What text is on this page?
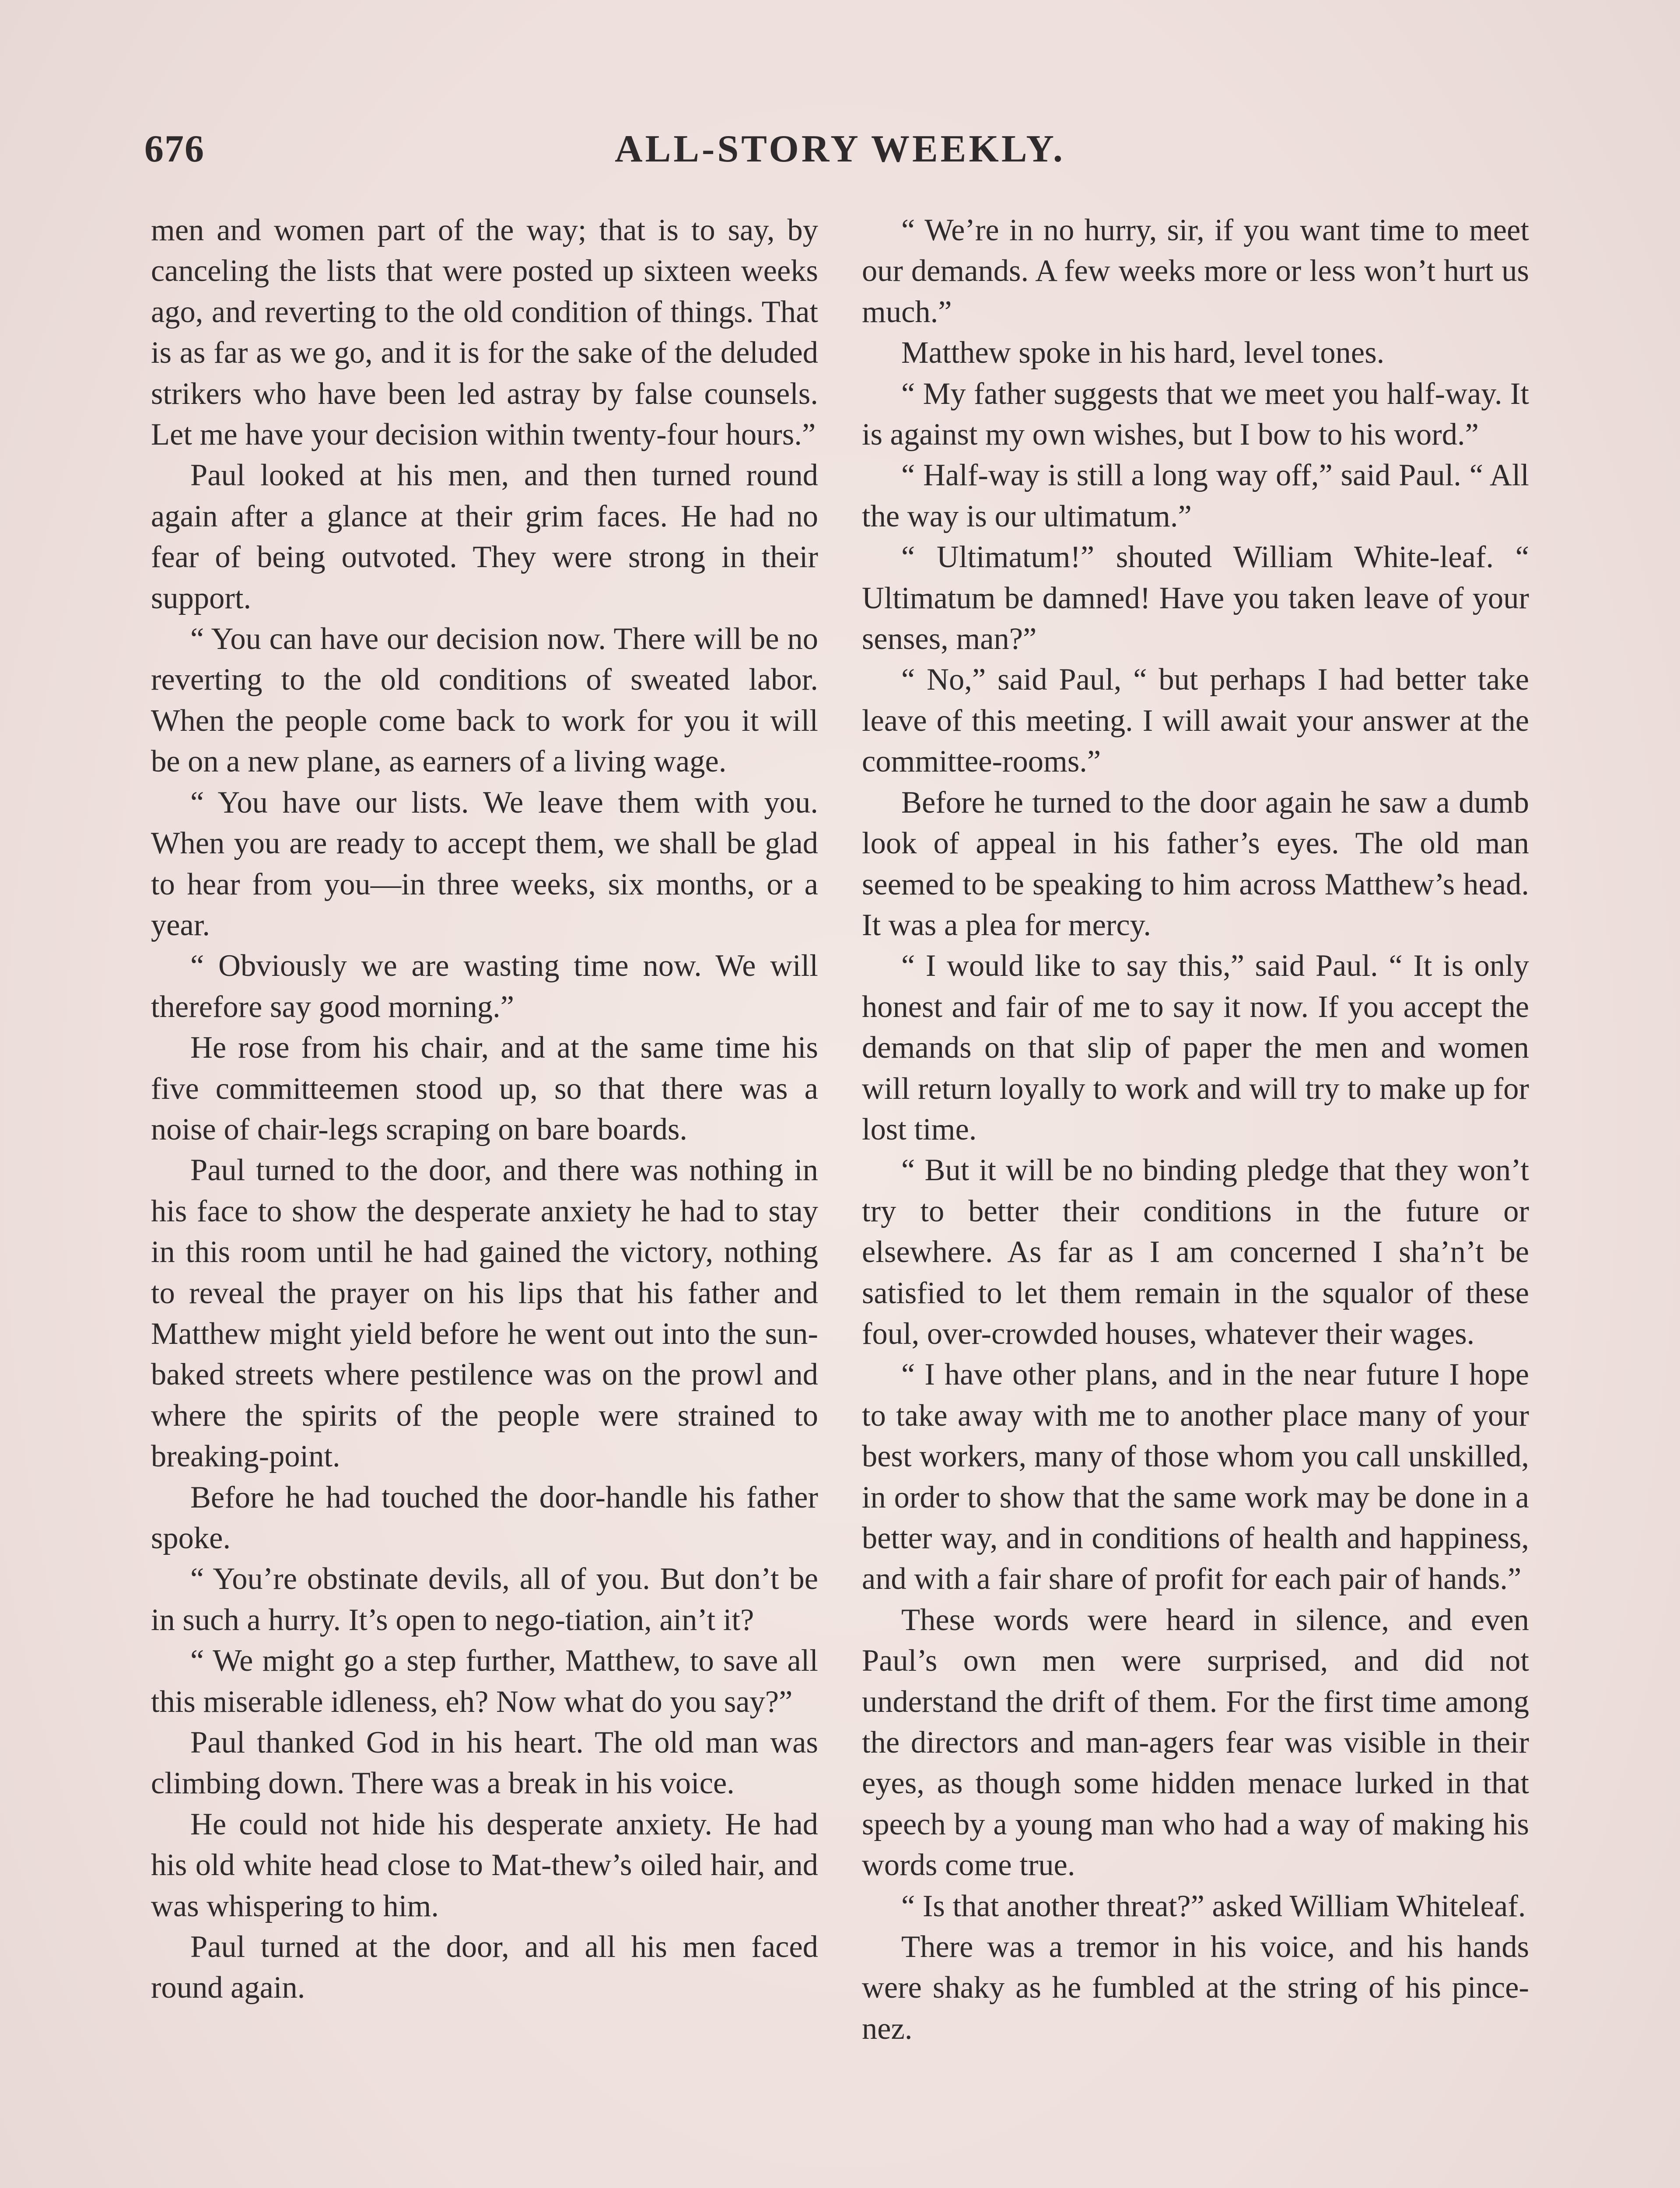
676	ALL-STORY WEEKLY.

men and women part of the way; that is to say, by canceling the lists that were posted up sixteen weeks ago, and reverting to the old condition of things. That is as far as we go, and it is for the sake of the deluded strikers who have been led astray by false counsels. Let me have your decision within twenty-four hours.”

Paul looked at his men, and then turned round again after a glance at their grim faces. He had no fear of being outvoted. They were strong in their support.

“ You can have our decision now. There will be no reverting to the old conditions of sweated labor. When the people come back to work for you it will be on a new plane, as earners of a living wage.

“ You have our lists. We leave them with you. When you are ready to accept them, we shall be glad to hear from you—in three weeks, six months, or a year.

“ Obviously we are wasting time now. We will therefore say good morning.”

He rose from his chair, and at the same time his five committeemen stood up, so that there was a noise of chair-legs scraping on bare boards.

Paul turned to the door, and there was nothing in his face to show the desperate anxiety he had to stay in this room until he had gained the victory, nothing to reveal the prayer on his lips that his father and Matthew might yield before he went out into the sun-baked streets where pestilence was on the prowl and where the spirits of the people were strained to breaking-point.

Before he had touched the door-handle his father spoke.

“ You’re obstinate devils, all of you. But don’t be in such a hurry. It’s open to nego-tiation, ain’t it?

“ We might go a step further, Matthew, to save all this miserable idleness, eh? Now what do you say?”

Paul thanked God in his heart. The old man was climbing down. There was a break in his voice.

He could not hide his desperate anxiety. He had his old white head close to Mat-thew’s oiled hair, and was whispering to him.

Paul turned at the door, and all his men faced round again.

“ We’re in no hurry, sir, if you want time to meet our demands. A few weeks more or less won’t hurt us much.”

Matthew spoke in his hard, level tones.

“ My father suggests that we meet you half-way. It is against my own wishes, but I bow to his word.”

“ Half-way is still a long way off,” said Paul. “ All the way is our ultimatum.”

“ Ultimatum!” shouted William White-leaf. “ Ultimatum be damned! Have you taken leave of your senses, man?”

“ No,” said Paul, “ but perhaps I had better take leave of this meeting. I will await your answer at the committee-rooms.”

Before he turned to the door again he saw a dumb look of appeal in his father’s eyes. The old man seemed to be speaking to him across Matthew’s head. It was a plea for mercy.

“ I would like to say this,” said Paul. “ It is only honest and fair of me to say it now. If you accept the demands on that slip of paper the men and women will return loyally to work and will try to make up for lost time.

“ But it will be no binding pledge that they won’t try to better their conditions in the future or elsewhere. As far as I am concerned I sha’n’t be satisfied to let them remain in the squalor of these foul, over-crowded houses, whatever their wages.

“ I have other plans, and in the near future I hope to take away with me to another place many of your best workers, many of those whom you call unskilled, in order to show that the same work may be done in a better way, and in conditions of health and happiness, and with a fair share of profit for each pair of hands.”

These words were heard in silence, and even Paul’s own men were surprised, and did not understand the drift of them. For the first time among the directors and man-agers fear was visible in their eyes, as though some hidden menace lurked in that speech by a young man who had a way of making his words come true.

“ Is that another threat?” asked William Whiteleaf.

There was a tremor in his voice, and his hands were shaky as he fumbled at the string of his pince-nez.
